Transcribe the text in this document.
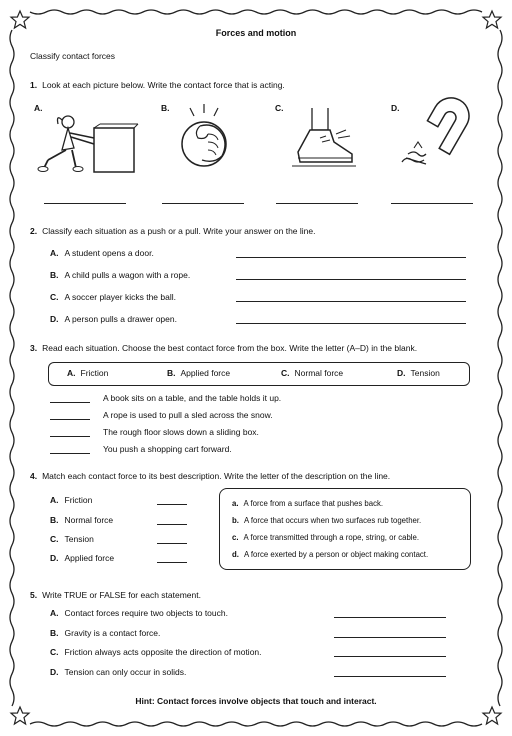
Forces and motion
Classify contact forces
1. Look at each picture below. Write the contact force that is acting.
A.	B.	C.	D.
2. Classify each situation as a push or a pull. Write your answer on the line.
A. A student opens a door.
B. A child pulls a wagon with a rope.
C. A soccer player kicks the ball.
D. A person pulls a drawer open.
3. Read each situation. Choose the best contact force from the box. Write the letter (A–D) in the blank.
A. Friction	B. Applied force	C. Normal force	D. Tension
A book sits on a table, and the table holds it up.
A rope is used to pull a sled across the snow.
The rough floor slows down a sliding box.
You push a shopping cart forward.
4. Match each contact force to its best description. Write the letter of the description on the line.
A. Friction
B. Normal force
C. Tension
D. Applied force
a. A force from a surface that pushes back.
b. A force that occurs when two surfaces rub together.
c. A force transmitted through a rope, string, or cable.
d. A force exerted by a person or object making contact.
5. Write TRUE or FALSE for each statement.
A. Contact forces require two objects to touch.
B. Gravity is a contact force.
C. Friction always acts opposite the direction of motion.
D. Tension can only occur in solids.
Hint: Contact forces involve objects that touch and interact.
